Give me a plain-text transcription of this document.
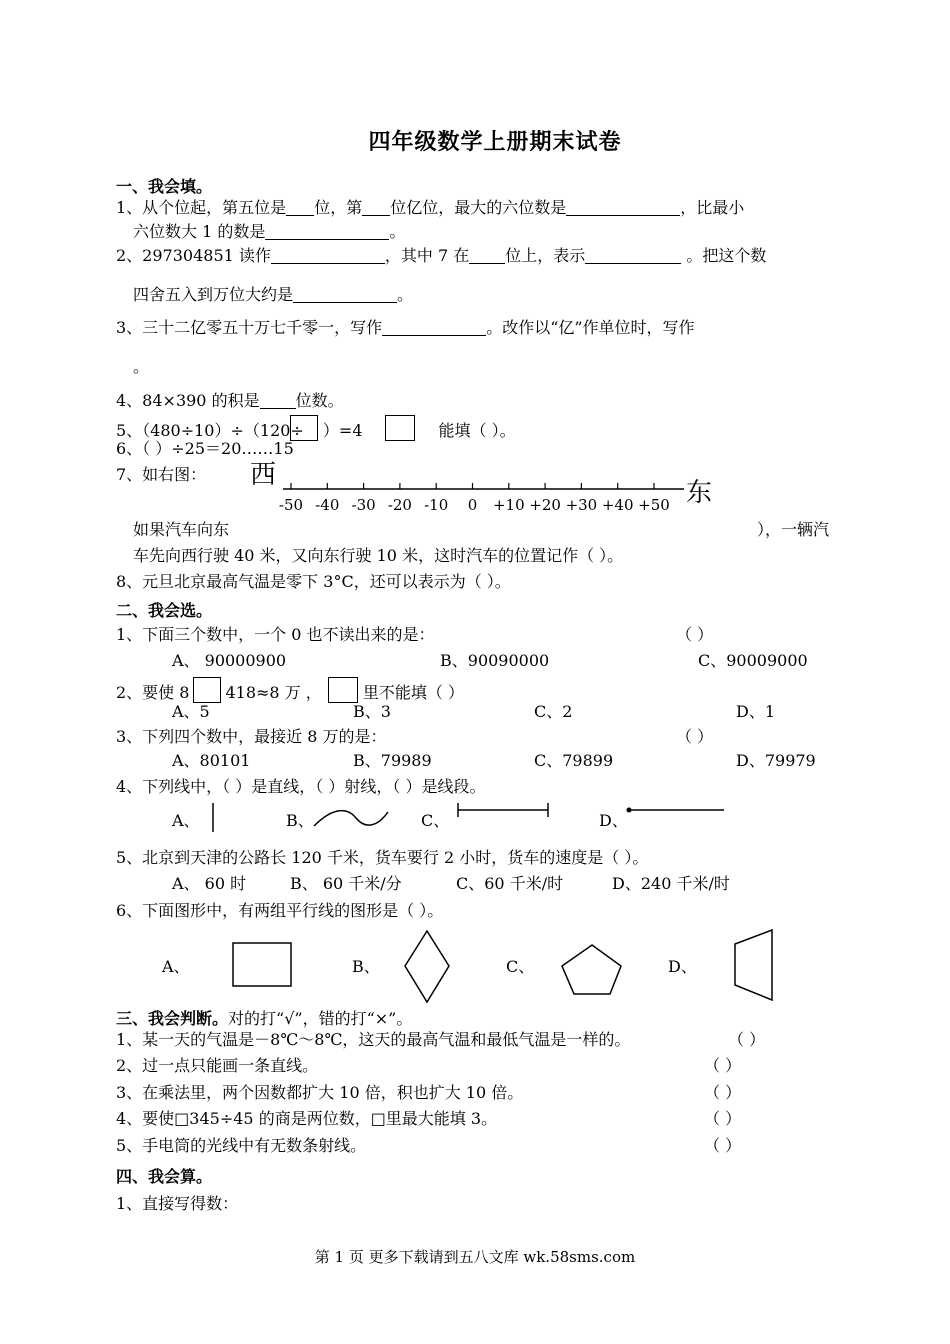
四年级数学上册期末试卷
一、我会填。
1、从个位起，第五位是 位，第 位亿位，最大的六位数是	，比最小
六位数大 1 的数是	。
2、297304851 读作	，其中 7 在 位上，表示	。把这个数
四舍五入到万位大约是	。
3、三十二亿零五十万七千零一，写作	。改作以“亿”作单位时，写作
。
4、84×390 的积是 位数。
5、（480÷10）÷（120÷ ）=4	能填（ ）。
6、（ ）÷25＝20……15
7、如右图： 西
东
-50 -40 -30 -20 -10	0	+10 +20 +30 +40 +50
如果汽车向东	），一辆汽
车先向西行驶 40 米，又向东行驶 10 米，这时汽车的位置记作（ ）。
8、元旦北京最高气温是零下 3°C，还可以表示为（ ）。
二、我会选。
1、下面三个数中，一个 0 也不读出来的是：	（ ）
A、 90000900	B、90090000	C、90009000
2、要使 8 418≈8 万 ， 里不能填（ ）
A、5	B、3	C、2	D、1
3、下列四个数中，最接近 8 万的是：	（ ）
A、80101	B、79989	C、79899	D、79979
4、下列线中，（ ）是直线，（ ）射线，（ ）是线段。
A、	B、	C、	D、
5、北京到天津的公路长 120 千米，货车要行 2 小时，货车的速度是（ ）。
A、 60 时	B、 60 千米/分	C、60 千米/时	D、240 千米/时
6、下面图形中，有两组平行线的图形是（ ）。
A、	B、	C、	D、
三、我会判断。对的打“√”，错的打“×”。
1、某一天的气温是－8℃～8℃，这天的最高气温和最低气温是一样的。	（ ）
2、过一点只能画一条直线。	（ ）
3、在乘法里，两个因数都扩大 10 倍，积也扩大 10 倍。	（ ）
4、要使□345÷45 的商是两位数，□里最大能填 3。	（ ）
5、手电筒的光线中有无数条射线。	（ ）
四、我会算。
1、直接写得数：
第 1 页 更多下载请到五八文库 wk.58sms.com
